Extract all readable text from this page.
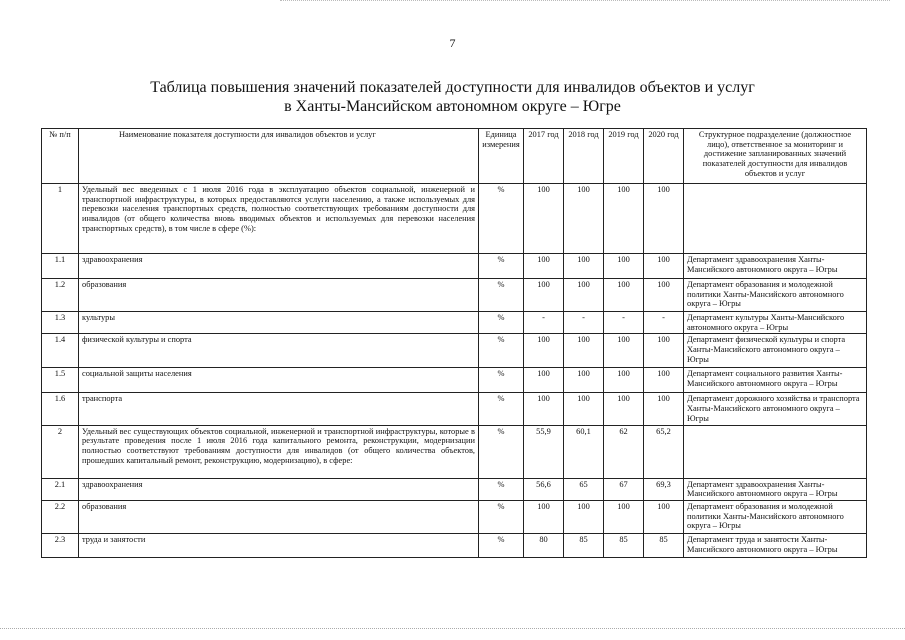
7
Таблица повышения значений показателей доступности для инвалидов объектов и услуг
в Ханты-Мансийском автономном округе – Югре
№ п/п	Наименование показателя доступности для инвалидов объектов и услуг	Единица измерения	2017 год	2018 год	2019 год	2020 год	Структурное подразделение (должностное лицо), ответственное за мониторинг и достижение запланированных значений показателей доступности для инвалидов объектов и услуг
1	Удельный вес введенных с 1 июля 2016 года в эксплуатацию объектов социальной, инженерной и транспортной инфраструктуры, в которых предоставляются услуги населению, а также используемых для перевозки населения транспортных средств, полностью соответствующих требованиям доступности для инвалидов (от общего количества вновь вводимых объектов и используемых для перевозки населения транспортных средств), в том числе в сфере (%):	%	100	100	100	100	
1.1	здравоохранения	%	100	100	100	100	Департамент здравоохранения Ханты-Мансийского автономного округа – Югры
1.2	образования	%	100	100	100	100	Департамент образования и молодежной политики Ханты-Мансийского автономного округа – Югры
1.3	культуры	%	-	-	-	-	Департамент культуры Ханты-Мансийского автономного округа – Югры
1.4	физической культуры и спорта	%	100	100	100	100	Департамент физической культуры и спорта Ханты-Мансийского автономного округа – Югры
1.5	социальной защиты населения	%	100	100	100	100	Департамент социального развития Ханты-Мансийского автономного округа – Югры
1.6	транспорта	%	100	100	100	100	Департамент дорожного хозяйства и транспорта Ханты-Мансийского автономного округа – Югры
2	Удельный вес существующих объектов социальной, инженерной и транспортной инфраструктуры, которые в результате проведения после 1 июля 2016 года капитального ремонта, реконструкции, модернизации полностью соответствуют требованиям доступности для инвалидов (от общего количества объектов, прошедших капитальный ремонт, реконструкцию, модернизацию), в сфере:	%	55,9	60,1	62	65,2	
2.1	здравоохранения	%	56,6	65	67	69,3	Департамент здравоохранения Ханты-Мансийского автономного округа – Югры
2.2	образования	%	100	100	100	100	Департамент образования и молодежной политики Ханты-Мансийского автономного округа – Югры
2.3	труда и занятости	%	80	85	85	85	Департамент труда и занятости Ханты-Мансийского автономного округа – Югры
